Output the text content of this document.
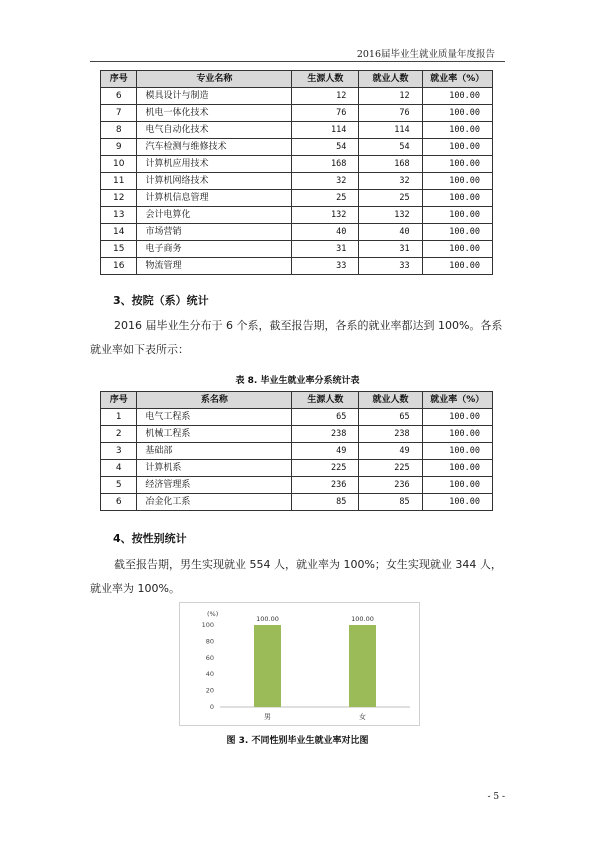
2016届毕业生就业质量年度报告
序号	专业名称	生源人数	就业人数	就业率（%）
6	模具设计与制造	12	12	100.00
7	机电一体化技术	76	76	100.00
8	电气自动化技术	114	114	100.00
9	汽车检测与维修技术	54	54	100.00
10	计算机应用技术	168	168	100.00
11	计算机网络技术	32	32	100.00
12	计算机信息管理	25	25	100.00
13	会计电算化	132	132	100.00
14	市场营销	40	40	100.00
15	电子商务	31	31	100.00
16	物流管理	33	33	100.00
3、按院（系）统计
2016 届毕业生分布于 6 个系，截至报告期，各系的就业率都达到 100%。各系就业率如下表所示：
表 8. 毕业生就业率分系统计表
序号	系名称	生源人数	就业人数	就业率（%）
1	电气工程系	65	65	100.00
2	机械工程系	238	238	100.00
3	基础部	49	49	100.00
4	计算机系	225	225	100.00
5	经济管理系	236	236	100.00
6	冶金化工系	85	85	100.00
4、按性别统计
截至报告期，男生实现就业 554 人，就业率为 100%；女生实现就业 344 人，就业率为 100%。
(%)
0
20
40
60
80
100
100.00
男
100.00
女
图 3. 不同性别毕业生就业率对比图
- 5 -
